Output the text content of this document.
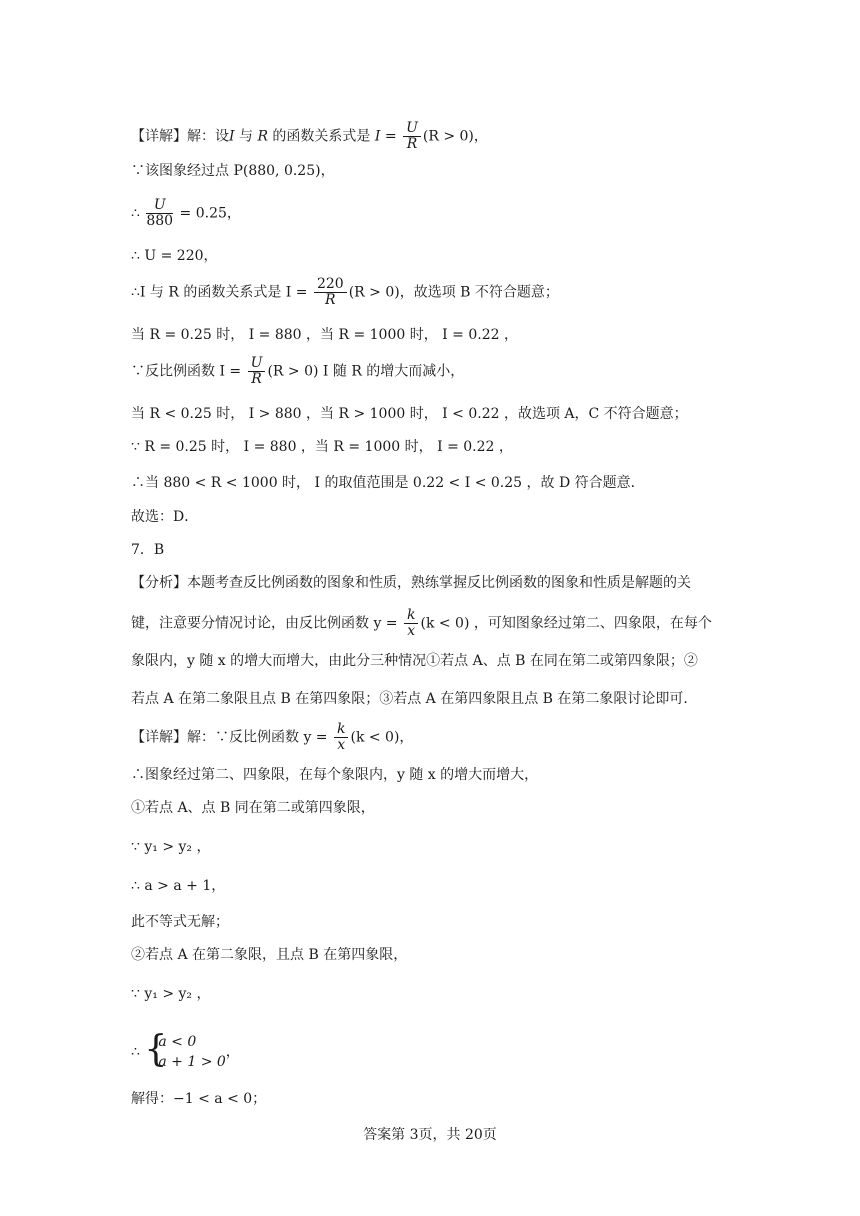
【详解】解：设I 与 R 的函数关系式是 $I = \frac{U}{R} (R > 0)$，
∵该图象经过点 P(880, 0.25)，
∴ $\frac{U}{880} = 0.25$，
∴ U = 220，
∴I 与 R 的函数关系式是 $I = \frac{220}{R} (R > 0)$，故选项 B 不符合题意；
当 R = 0.25 时， I = 880 ，当 R = 1000 时， I = 0.22 ，
∵反比例函数 $I = \frac{U}{R} (R > 0)$ I 随 R 的增大而减小，
当 R < 0.25 时， I > 880 ，当 R > 1000 时， I < 0.22 ，故选项 A，C 不符合题意；
∵ R = 0.25 时， I = 880 ，当 R = 1000 时， I = 0.22 ，
∴当 880 < R < 1000 时， I 的取值范围是 0.22 < I < 0.25 ，故 D 符合题意．
故选：D．
7．B
【分析】本题考查反比例函数的图象和性质，熟练掌握反比例函数的图象和性质是解题的关
键，注意要分情况讨论，由反比例函数 $y = \frac{k}{x} (k < 0)$ ，可知图象经过第二、四象限，在每个
象限内，y 随 x 的增大而增大，由此分三种情况①若点 A、点 B 在同在第二或第四象限；②
若点 A 在第二象限且点 B 在第四象限；③若点 A 在第四象限且点 B 在第二象限讨论即可．
【详解】解：∵反比例函数 $y = \frac{k}{x} (k < 0)$，
∴图象经过第二、四象限，在每个象限内，y 随 x 的增大而增大，
①若点 A、点 B 同在第二或第四象限，
∵ y₁ > y₂ ，
∴ a > a + 1，
此不等式无解；
②若点 A 在第二象限，且点 B 在第四象限，
∵ y₁ > y₂ ，
∴ {
a < 0
a + 1 > 0
，
解得：−1 < a < 0；
答案第 3页，共 20页
